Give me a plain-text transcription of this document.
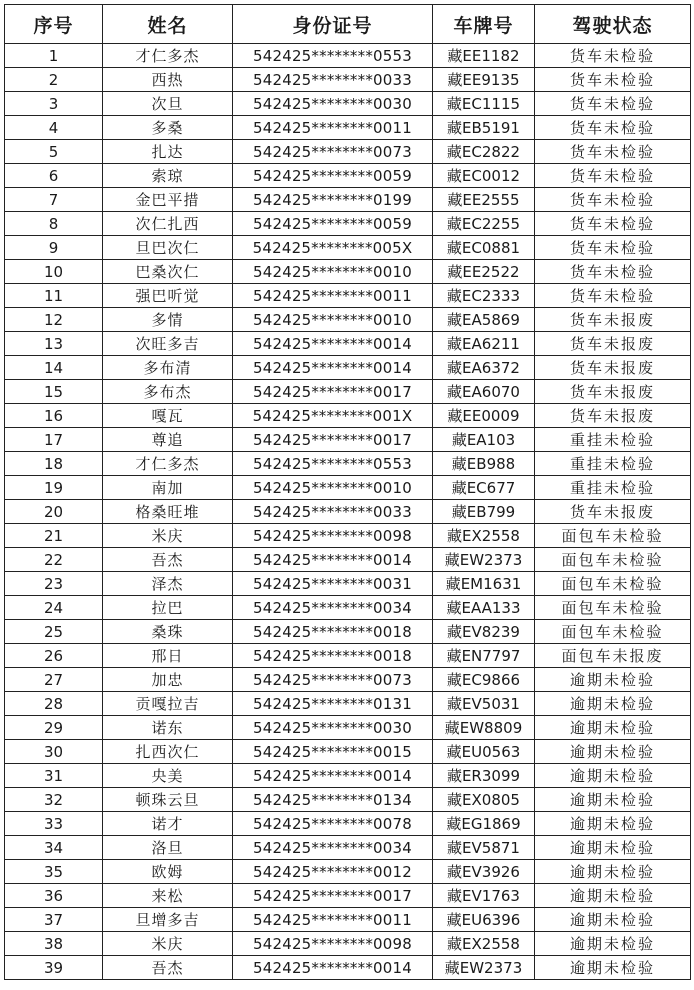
序号	姓名	身份证号	车牌号	驾驶状态
1	才仁多杰	542425********0553	藏EE1182	货车未检验
2	西热	542425********0033	藏EE9135	货车未检验
3	次旦	542425********0030	藏EC1115	货车未检验
4	多桑	542425********0011	藏EB5191	货车未检验
5	扎达	542425********0073	藏EC2822	货车未检验
6	索琼	542425********0059	藏EC0012	货车未检验
7	金巴平措	542425********0199	藏EE2555	货车未检验
8	次仁扎西	542425********0059	藏EC2255	货车未检验
9	旦巴次仁	542425********005X	藏EC0881	货车未检验
10	巴桑次仁	542425********0010	藏EE2522	货车未检验
11	强巴听觉	542425********0011	藏EC2333	货车未检验
12	多情	542425********0010	藏EA5869	货车未报废
13	次旺多吉	542425********0014	藏EA6211	货车未报废
14	多布清	542425********0014	藏EA6372	货车未报废
15	多布杰	542425********0017	藏EA6070	货车未报废
16	嘎瓦	542425********001X	藏EE0009	货车未报废
17	尊追	542425********0017	藏EA103	重挂未检验
18	才仁多杰	542425********0553	藏EB988	重挂未检验
19	南加	542425********0010	藏EC677	重挂未检验
20	格桑旺堆	542425********0033	藏EB799	货车未报废
21	米庆	542425********0098	藏EX2558	面包车未检验
22	吾杰	542425********0014	藏EW2373	面包车未检验
23	泽杰	542425********0031	藏EM1631	面包车未检验
24	拉巴	542425********0034	藏EAA133	面包车未检验
25	桑珠	542425********0018	藏EV8239	面包车未检验
26	邢日	542425********0018	藏EN7797	面包车未报废
27	加忠	542425********0073	藏EC9866	逾期未检验
28	贡嘎拉吉	542425********0131	藏EV5031	逾期未检验
29	诺东	542425********0030	藏EW8809	逾期未检验
30	扎西次仁	542425********0015	藏EU0563	逾期未检验
31	央美	542425********0014	藏ER3099	逾期未检验
32	顿珠云旦	542425********0134	藏EX0805	逾期未检验
33	诺才	542425********0078	藏EG1869	逾期未检验
34	洛旦	542425********0034	藏EV5871	逾期未检验
35	欧姆	542425********0012	藏EV3926	逾期未检验
36	来松	542425********0017	藏EV1763	逾期未检验
37	旦增多吉	542425********0011	藏EU6396	逾期未检验
38	米庆	542425********0098	藏EX2558	逾期未检验
39	吾杰	542425********0014	藏EW2373	逾期未检验
